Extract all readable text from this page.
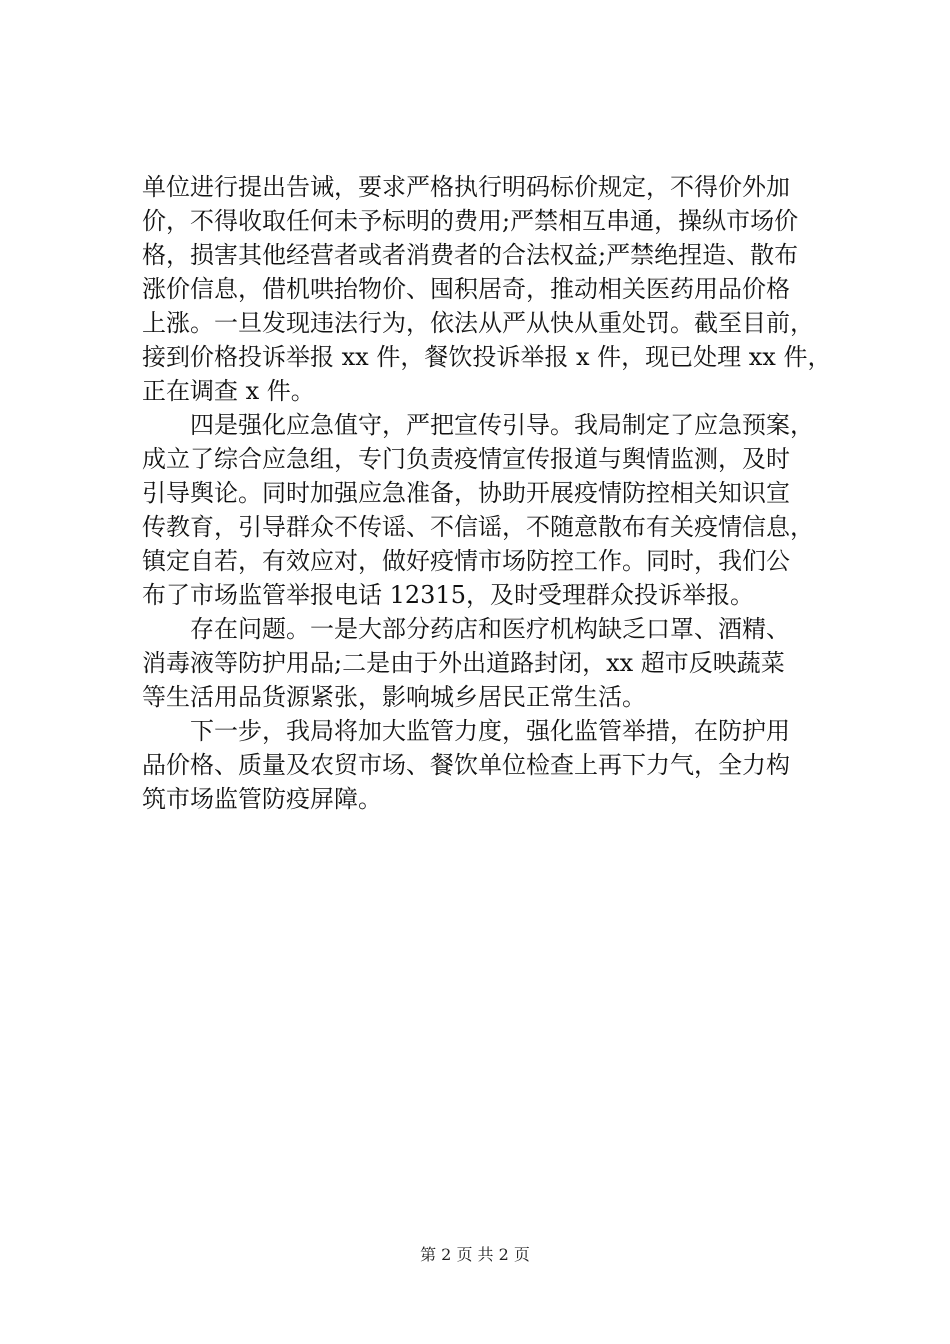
单位进行提出告诫，要求严格执行明码标价规定，不得价外加
价，不得收取任何未予标明的费用;严禁相互串通，操纵市场价
格，损害其他经营者或者消费者的合法权益;严禁绝捏造、散布
涨价信息，借机哄抬物价、囤积居奇，推动相关医药用品价格
上涨。一旦发现违法行为，依法从严从快从重处罚。截至目前，
接到价格投诉举报 xx 件，餐饮投诉举报 x 件，现已处理 xx 件，
正在调查 x 件。
四是强化应急值守，严把宣传引导。我局制定了应急预案，
成立了综合应急组，专门负责疫情宣传报道与舆情监测，及时
引导舆论。同时加强应急准备，协助开展疫情防控相关知识宣
传教育，引导群众不传谣、不信谣，不随意散布有关疫情信息，
镇定自若，有效应对，做好疫情市场防控工作。同时，我们公
布了市场监管举报电话 12315，及时受理群众投诉举报。
存在问题。一是大部分药店和医疗机构缺乏口罩、酒精、
消毒液等防护用品;二是由于外出道路封闭，xx 超市反映蔬菜
等生活用品货源紧张，影响城乡居民正常生活。
下一步，我局将加大监管力度，强化监管举措，在防护用
品价格、质量及农贸市场、餐饮单位检查上再下力气，全力构
筑市场监管防疫屏障。
第 2 页 共 2 页
